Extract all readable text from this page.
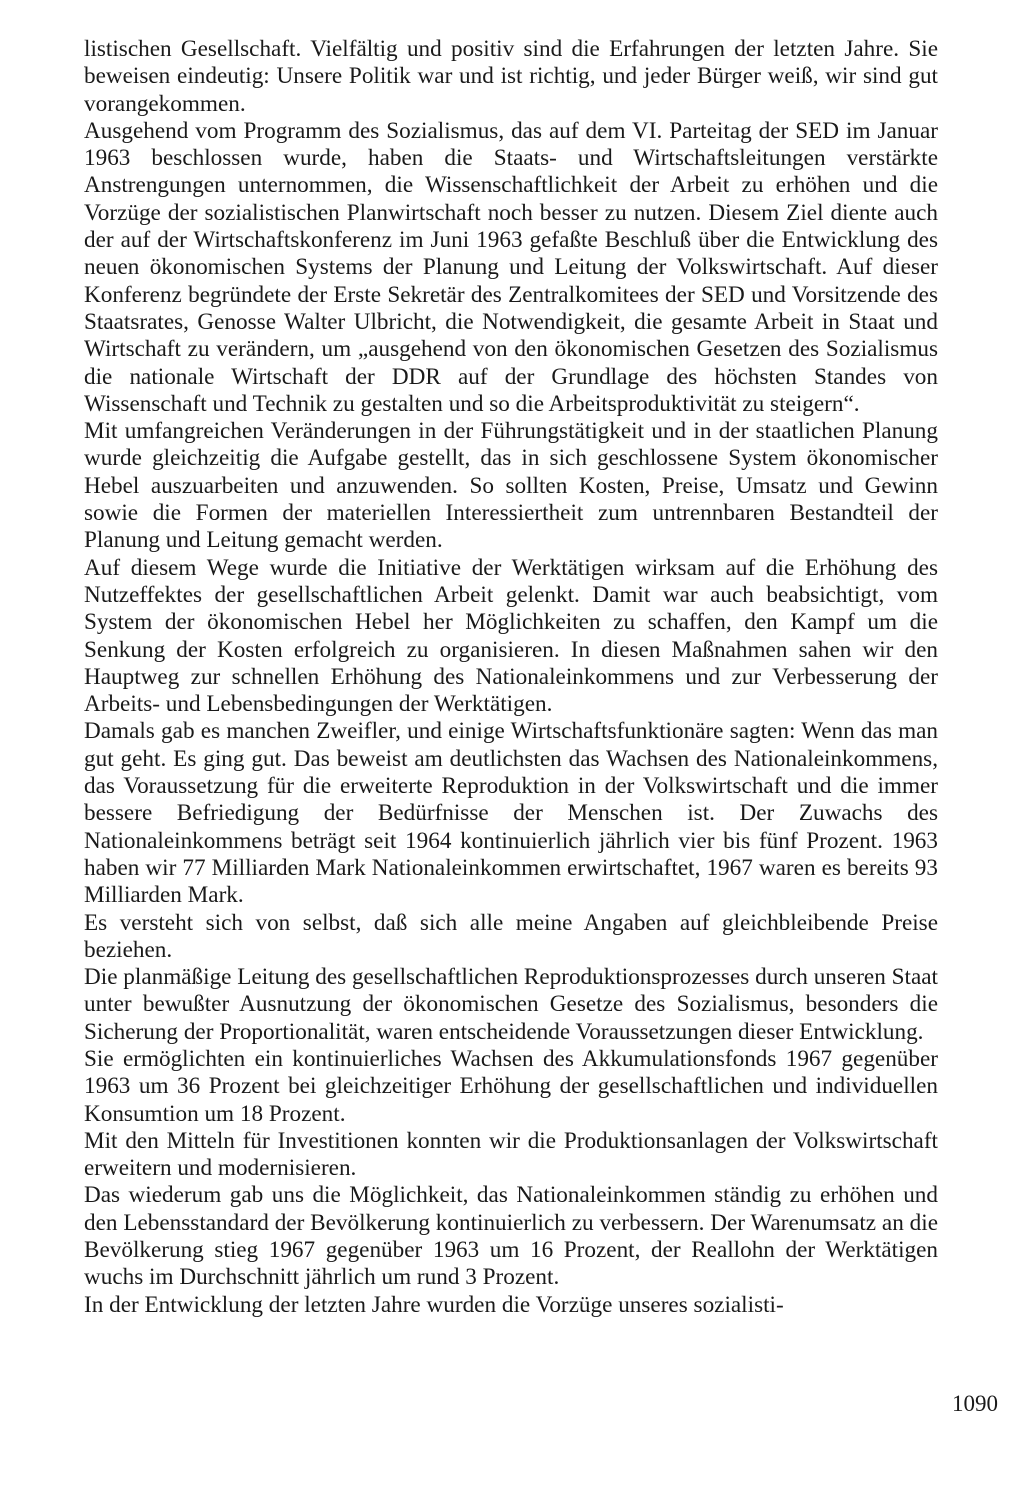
listischen Gesellschaft. Vielfältig und positiv sind die Erfahrungen der letzten Jahre. Sie beweisen eindeutig: Unsere Politik war und ist richtig, und jeder Bürger weiß, wir sind gut vorangekommen.

Ausgehend vom Programm des Sozialismus, das auf dem VI. Parteitag der SED im Januar 1963 beschlossen wurde, haben die Staats- und Wirtschaftsleitungen verstärkte Anstrengungen unternommen, die Wissenschaftlichkeit der Arbeit zu erhöhen und die Vorzüge der sozialistischen Planwirtschaft noch besser zu nutzen. Diesem Ziel diente auch der auf der Wirtschaftskonferenz im Juni 1963 gefaßte Beschluß über die Entwicklung des neuen ökonomischen Systems der Planung und Leitung der Volkswirtschaft. Auf dieser Konferenz begründete der Erste Sekretär des Zentralkomitees der SED und Vorsitzende des Staatsrates, Genosse Walter Ulbricht, die Notwendigkeit, die gesamte Arbeit in Staat und Wirtschaft zu verändern, um „ausgehend von den ökonomischen Gesetzen des Sozialismus die nationale Wirtschaft der DDR auf der Grundlage des höchsten Standes von Wissenschaft und Technik zu gestalten und so die Arbeitsproduktivität zu steigern“.

Mit umfangreichen Veränderungen in der Führungstätigkeit und in der staatlichen Planung wurde gleichzeitig die Aufgabe gestellt, das in sich geschlossene System ökonomischer Hebel auszuarbeiten und anzuwenden. So sollten Kosten, Preise, Umsatz und Gewinn sowie die Formen der materiellen Interessiertheit zum untrennbaren Bestandteil der Planung und Leitung gemacht werden.

Auf diesem Wege wurde die Initiative der Werktätigen wirksam auf die Erhöhung des Nutzeffektes der gesellschaftlichen Arbeit gelenkt. Damit war auch beabsichtigt, vom System der ökonomischen Hebel her Möglichkeiten zu schaffen, den Kampf um die Senkung der Kosten erfolgreich zu organisieren. In diesen Maßnahmen sahen wir den Hauptweg zur schnellen Erhöhung des Nationaleinkommens und zur Verbesserung der Arbeits- und Lebensbedingungen der Werktätigen.

Damals gab es manchen Zweifler, und einige Wirtschaftsfunktionäre sagten: Wenn das man gut geht. Es ging gut. Das beweist am deutlichsten das Wachsen des Nationaleinkommens, das Voraussetzung für die erweiterte Reproduktion in der Volkswirtschaft und die immer bessere Befriedigung der Bedürfnisse der Menschen ist. Der Zuwachs des Nationaleinkommens beträgt seit 1964 kontinuierlich jährlich vier bis fünf Prozent. 1963 haben wir 77 Milliarden Mark Nationaleinkommen erwirtschaftet, 1967 waren es bereits 93 Milliarden Mark.

Es versteht sich von selbst, daß sich alle meine Angaben auf gleichbleibende Preise beziehen.

Die planmäßige Leitung des gesellschaftlichen Reproduktionsprozesses durch unseren Staat unter bewußter Ausnutzung der ökonomischen Gesetze des Sozialismus, besonders die Sicherung der Proportionalität, waren entscheidende Voraussetzungen dieser Entwicklung.

Sie ermöglichten ein kontinuierliches Wachsen des Akkumulationsfonds 1967 gegenüber 1963 um 36 Prozent bei gleichzeitiger Erhöhung der gesellschaftlichen und individuellen Konsumtion um 18 Prozent.

Mit den Mitteln für Investitionen konnten wir die Produktionsanlagen der Volkswirtschaft erweitern und modernisieren.

Das wiederum gab uns die Möglichkeit, das Nationaleinkommen ständig zu erhöhen und den Lebensstandard der Bevölkerung kontinuierlich zu verbessern. Der Warenumsatz an die Bevölkerung stieg 1967 gegenüber 1963 um 16 Prozent, der Reallohn der Werktätigen wuchs im Durchschnitt jährlich um rund 3 Prozent.

In der Entwicklung der letzten Jahre wurden die Vorzüge unseres sozialisti-

1090
